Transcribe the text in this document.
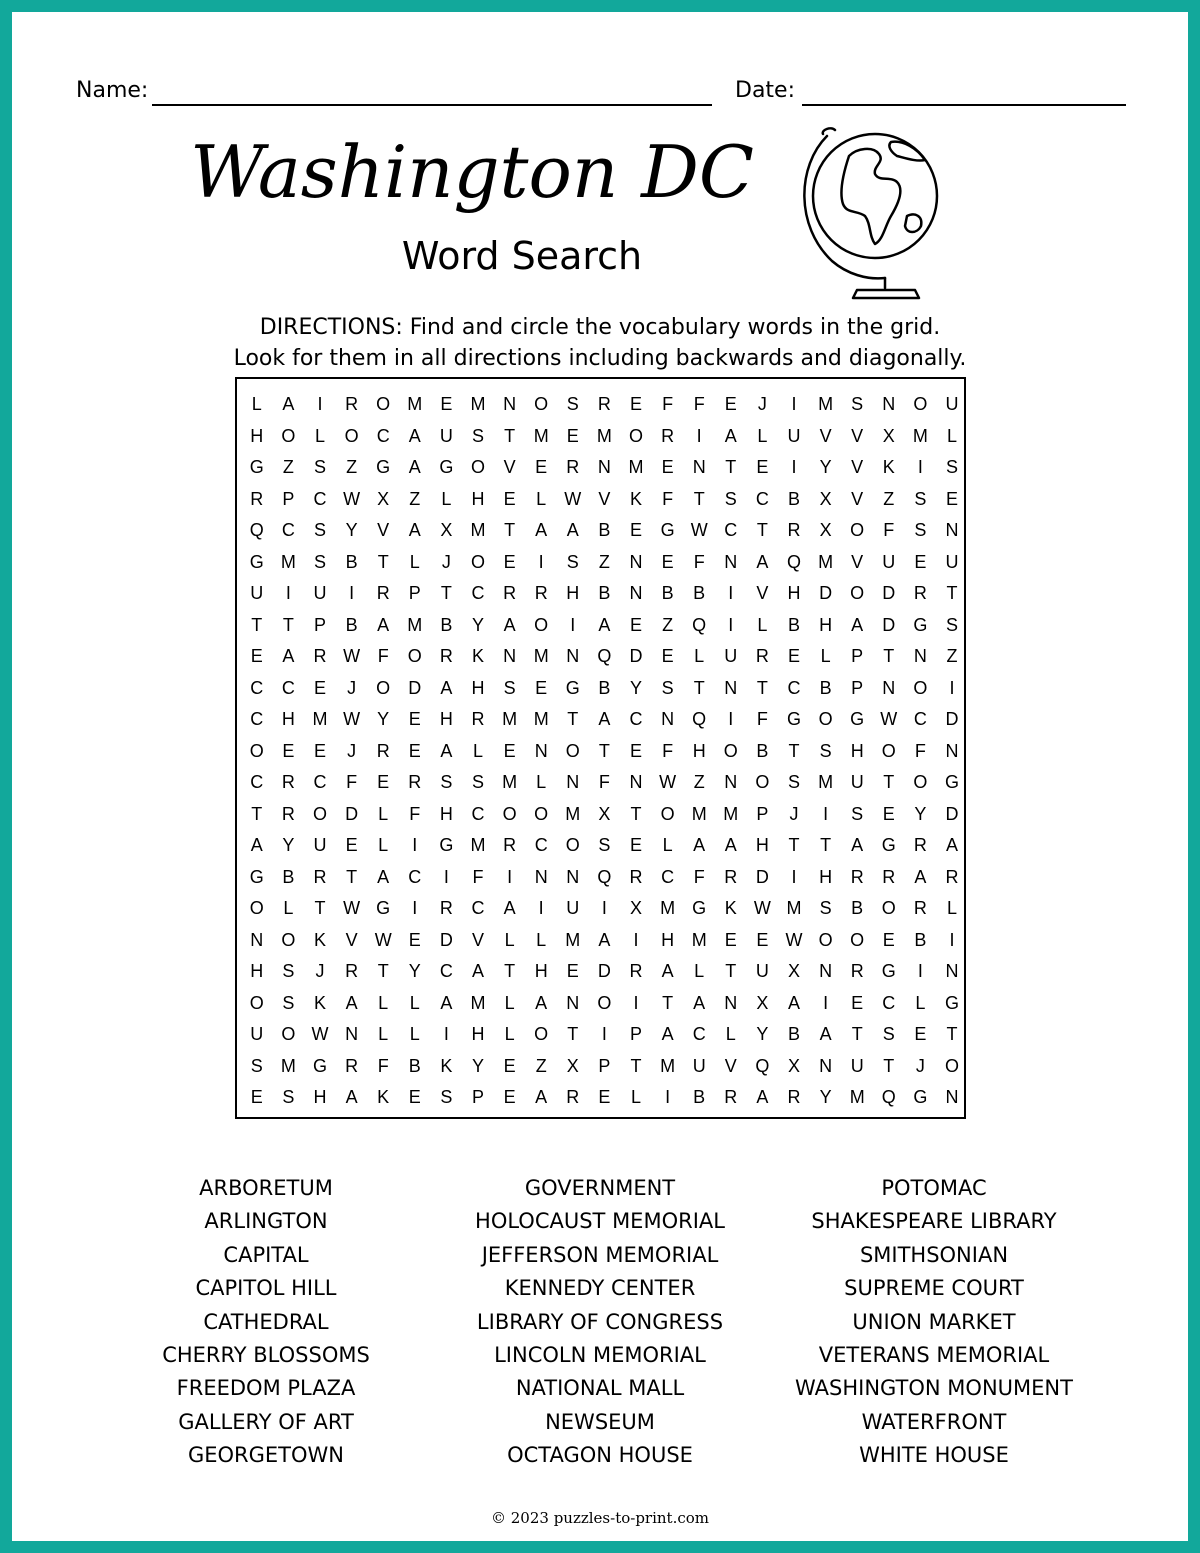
Name:	Date:
Washington DC
Word Search
DIRECTIONS: Find and circle the vocabulary words in the grid.
Look for them in all directions including backwards and diagonally.
L	A	I	R	O M	E	M N	O	S	R	E	F	F	E	J	I	M	S	N	O	U
H	O	L	O	C	A	U	S	T	M	E	M O	R	I	A	L	U	V	V	X	M	L
G	Z	S	Z	G	A	G O	V	E	R	N M	E	N	T	E	I	Y	V	K	I	S
R	P	C W X	Z	L	H	E	L	W V	K	F	T	S	C	B	X	V	Z	S	E
Q	C	S	Y	V	A	X	M	T	A	A	B	E	G W C	T	R	X	O	F	S	N
G M	S	B	T	L	J	O	E	I	S	Z	N	E	F	N	A	Q M	V	U	E	U
U	I	U	I	R	P	T	C	R	R	H	B	N	B	B	I	V	H	D	O	D	R	T
T	T	P	B	A	M	B	Y	A	O	I	A	E	Z	Q	I	L	B	H	A	D	G	S
E	A	R W F	O	R	K	N M N	Q	D	E	L	U	R	E	L	P	T	N	Z
C	C	E	J	O	D	A	H	S	E	G	B	Y	S	T	N	T	C	B	P	N	O	I
C	H M W Y	E	H	R M M	T	A	C	N	Q	I	F	G O G W C	D
O	E	E	J	R	E	A	L	E	N	O	T	E	F	H	O	B	T	S	H	O	F	N
C	R	C	F	E	R	S	S	M	L	N	F	N W Z	N	O	S	M U	T	O G
T	R	O	D	L	F	H	C	O O M	X	T	O M M	P	J	I	S	E	Y	D
A	Y	U	E	L	I	G M R	C	O	S	E	L	A	A	H	T	T	A	G	R	A
G	B	R	T	A	C	I	F	I	N	N	Q	R	C	F	R	D	I	H	R	R	A	R
O	L	T W G	I	R	C	A	I	U	I	X	M G	K W M	S	B	O	R	L
N	O	K	V W E	D	V	L	L	M	A	I	H M	E	E W O O	E	B	I
H	S	J	R	T	Y	C	A	T	H	E	D	R	A	L	T	U	X	N	R	G	I	N
O	S	K	A	L	L	A	M	L	A	N	O	I	T	A	N	X	A	I	E	C	L	G
U	O W N	L	L	I	H	L	O	T	I	P	A	C	L	Y	B	A	T	S	E	T
S	M G	R	F	B	K	Y	E	Z	X	P	T	M U	V	Q	X	N	U	T	J	O
E	S	H	A	K	E	S	P	E	A	R	E	L	I	B	R	A	R	Y	M Q G	N
ARBORETUM
ARLINGTON
CAPITAL
CAPITOL HILL
CATHEDRAL
CHERRY BLOSSOMS
FREEDOM PLAZA
GALLERY OF ART
GEORGETOWN
GOVERNMENT
HOLOCAUST MEMORIAL
JEFFERSON MEMORIAL
KENNEDY CENTER
LIBRARY OF CONGRESS
LINCOLN MEMORIAL
NATIONAL MALL
NEWSEUM
OCTAGON HOUSE
POTOMAC
SHAKESPEARE LIBRARY
SMITHSONIAN
SUPREME COURT
UNION MARKET
VETERANS MEMORIAL
WASHINGTON MONUMENT
WATERFRONT
WHITE HOUSE
© 2023 puzzles-to-print.com
